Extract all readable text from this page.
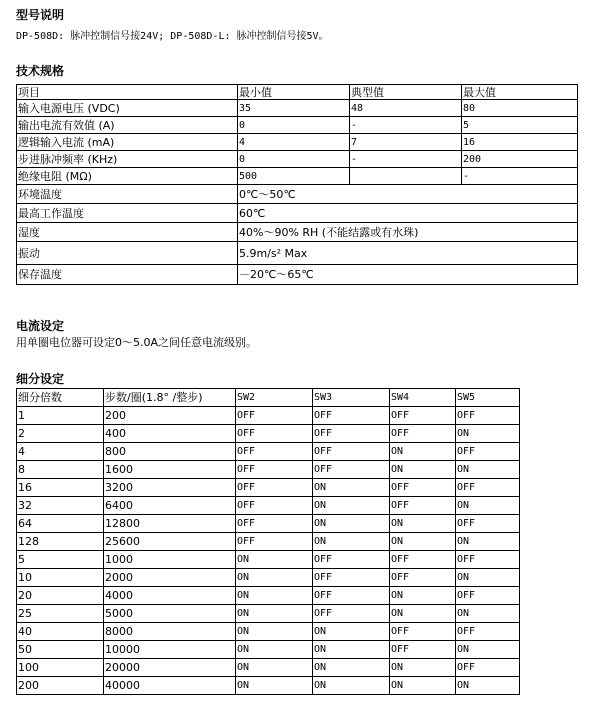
型号说明
DP-508D: 脉冲控制信号接24V; DP-508D-L: 脉冲控制信号接5V。
技术规格
项目	最小值	典型值	最大值
输入电源电压 (VDC)	35	48	80
输出电流有效值 (A)	0	-	5
逻辑输入电流 (mA)	4	7	16
步进脉冲频率 (KHz)	0	-	200
绝缘电阻 (MΩ)	500		-
环境温度	0℃～50℃		
最高工作温度	60℃		
湿度	40%～90% RH (不能结露或有水珠)		
振动	5.9m/s² Max		
保存温度	－20℃～65℃		
电流设定
用单圈电位器可设定0～5.0A之间任意电流级别。
细分设定
细分倍数	步数/圈(1.8° /整步)	SW2	SW3	SW4	SW5
1	200	OFF	OFF	OFF	OFF
2	400	OFF	OFF	OFF	ON
4	800	OFF	OFF	ON	OFF
8	1600	OFF	OFF	ON	ON
16	3200	OFF	ON	OFF	OFF
32	6400	OFF	ON	OFF	ON
64	12800	OFF	ON	ON	OFF
128	25600	OFF	ON	ON	ON
5	1000	ON	OFF	OFF	OFF
10	2000	ON	OFF	OFF	ON
20	4000	ON	OFF	ON	OFF
25	5000	ON	OFF	ON	ON
40	8000	ON	ON	OFF	OFF
50	10000	ON	ON	OFF	ON
100	20000	ON	ON	ON	OFF
200	40000	ON	ON	ON	ON
